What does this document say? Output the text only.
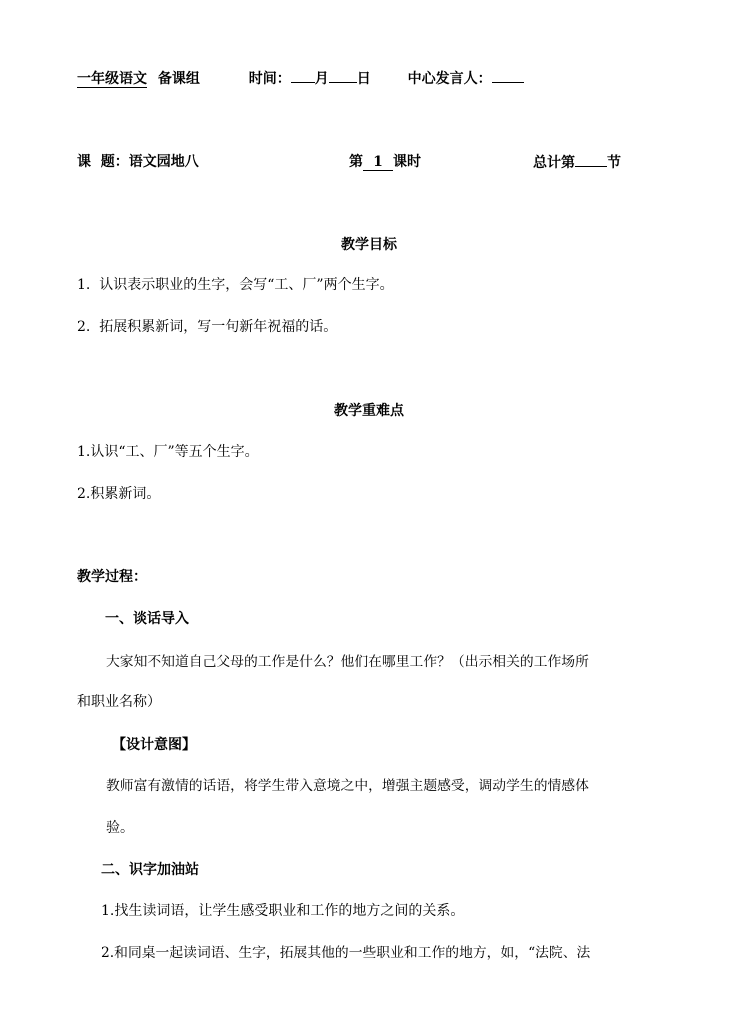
一年级语文 备课组	时间： 月 日	中心发言人：
课  题：语文园地八	第 1 课时	总计第 节
教学目标
1.  认识表示职业的生字，会写“工、厂”两个生字。
2.  拓展积累新词，写一句新年祝福的话。
教学重难点
1.认识“工、厂”等五个生字。
2.积累新词。
教学过程：
一、谈话导入
大家知不知道自己父母的工作是什么？他们在哪里工作？（出示相关的工作场所
和职业名称）
【设计意图】
教师富有激情的话语，将学生带入意境之中，增强主题感受，调动学生的情感体
验。
二、识字加油站
1.找生读词语，让学生感受职业和工作的地方之间的关系。
2.和同桌一起读词语、生字，拓展其他的一些职业和工作的地方，如，“法院、法
